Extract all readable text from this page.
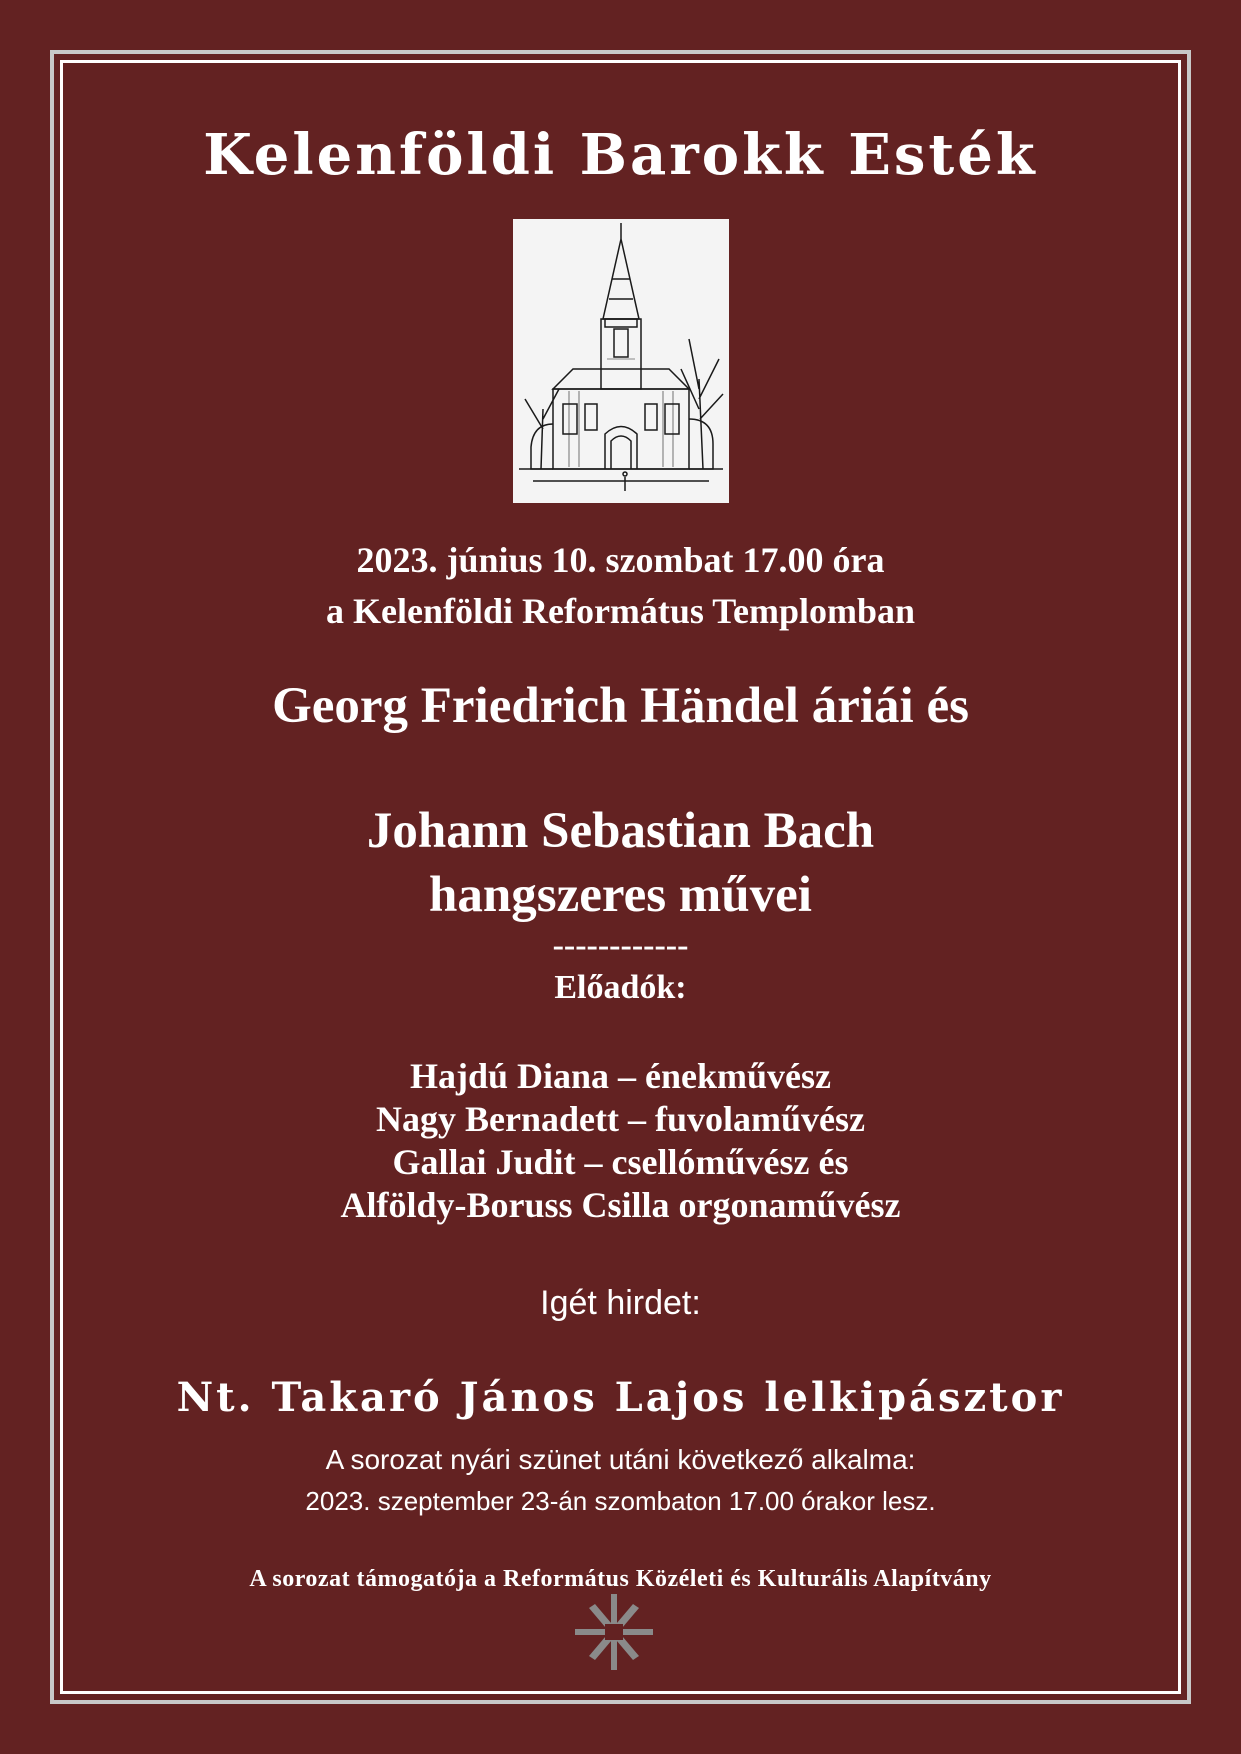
Kelenföldi Barokk Esték
2023. június 10. szombat 17.00 óra
a Kelenföldi Református Templomban
Georg Friedrich Händel áriái és
Johann Sebastian Bach
hangszeres művei
------------
Előadók:
Hajdú Diana – énekművész
Nagy Bernadett – fuvolaművész
Gallai Judit – csellóművész és
Alföldy-Boruss Csilla orgonaművész
Igét hirdet:
Nt. Takaró János Lajos lelkipásztor
A sorozat nyári szünet utáni következő alkalma:
2023. szeptember 23-án szombaton 17.00 órakor lesz.
A sorozat támogatója a Református Közéleti és Kulturális Alapítvány
